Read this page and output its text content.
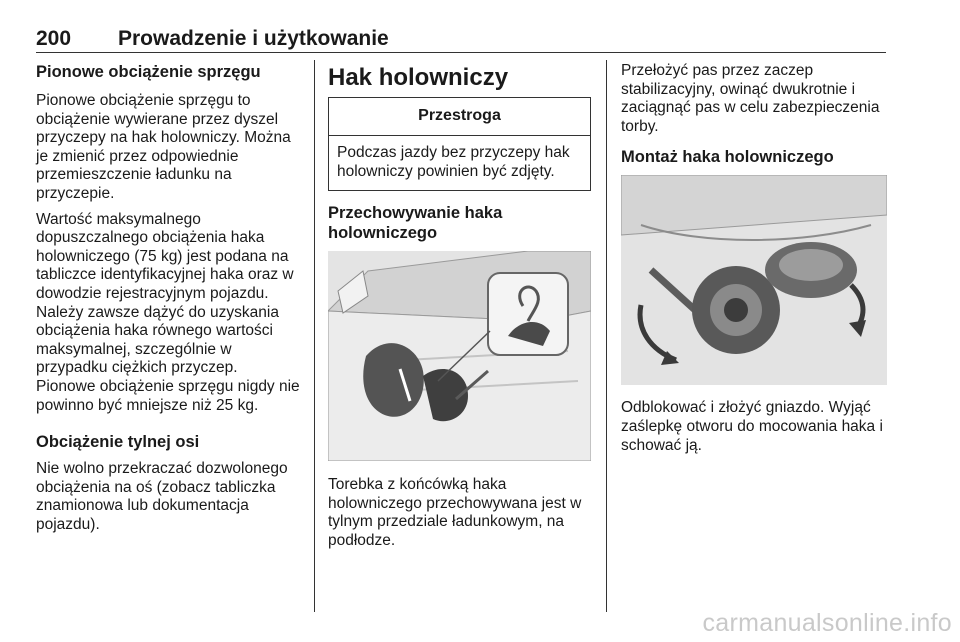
200 Prowadzenie i użytkowanie
Pionowe obciążenie sprzęgu

Pionowe obciążenie sprzęgu to obciążenie wywierane przez dyszel przyczepy na hak holowniczy. Można je zmienić przez odpowiednie przemieszczenie ładunku na przyczepie.

Wartość maksymalnego dopuszczalnego obciążenia haka holowniczego (75 kg) jest podana na tabliczce identyfikacyjnej haka oraz w dowodzie rejestracyjnym pojazdu. Należy zawsze dążyć do uzyskania obciążenia haka równego wartości maksymalnej, szczególnie w przypadku ciężkich przyczep. Pionowe obciążenie sprzęgu nigdy nie powinno być mniejsze niż 25 kg.

Obciążenie tylnej osi

Nie wolno przekraczać dozwolonego obciążenia na oś (zobacz tabliczka znamionowa lub dokumentacja pojazdu).

Hak holowniczy
Przestroga
Podczas jazdy bez przyczepy hak holowniczy powinien być zdjęty.
Przechowywanie haka holowniczego

Torebka z końcówką haka holowniczego przechowywana jest w tylnym przedziale ładunkowym, na podłodze.

Przełożyć pas przez zaczep stabilizacyjny, owinąć dwukrotnie i zaciągnąć pas w celu zabezpieczenia torby.

Montaż haka holowniczego

Odblokować i złożyć gniazdo. Wyjąć zaślepkę otworu do mocowania haka i schować ją.

carmanualsonline.info
